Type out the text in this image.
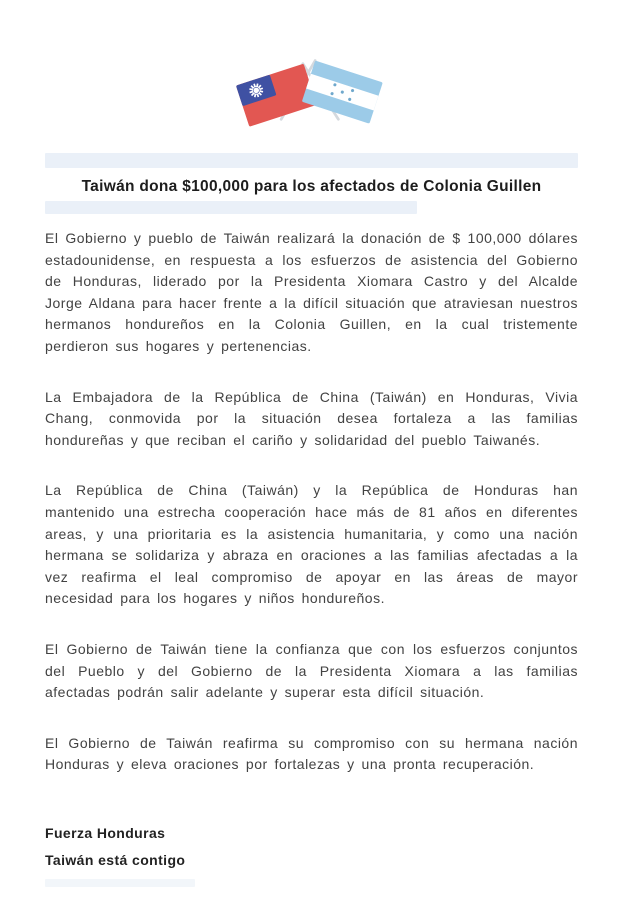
Taiwán dona $100,000 para los afectados de Colonia Guillen

El Gobierno y pueblo de Taiwán realizará la donación de $ 100,000 dólares estadounidense, en respuesta a los esfuerzos de asistencia del Gobierno de Honduras, liderado por la Presidenta Xiomara Castro y del Alcalde Jorge Aldana para hacer frente a la difícil situación que atraviesan nuestros hermanos hondureños en la Colonia Guillen, en la cual tristemente perdieron sus hogares y pertenencias.

La Embajadora de la República de China (Taiwán) en Honduras, Vivia Chang, conmovida por la situación desea fortaleza a las familias hondureñas y que reciban el cariño y solidaridad del pueblo Taiwanés.

La República de China (Taiwán) y la República de Honduras han mantenido una estrecha cooperación hace más de 81 años en diferentes areas, y una prioritaria es la asistencia humanitaria, y como una nación hermana se solidariza y abraza en oraciones a las familias afectadas a la vez reafirma el leal compromiso de apoyar en las áreas de mayor necesidad para los hogares y niños hondureños.

El Gobierno de Taiwán tiene la confianza que con los esfuerzos conjuntos del Pueblo y del Gobierno de la Presidenta Xiomara a las familias afectadas podrán salir adelante y superar esta difícil situación.

El Gobierno de Taiwán reafirma su compromiso con su hermana nación Honduras y eleva oraciones por fortalezas y una pronta recuperación.

Fuerza Honduras
Taiwán está contigo
